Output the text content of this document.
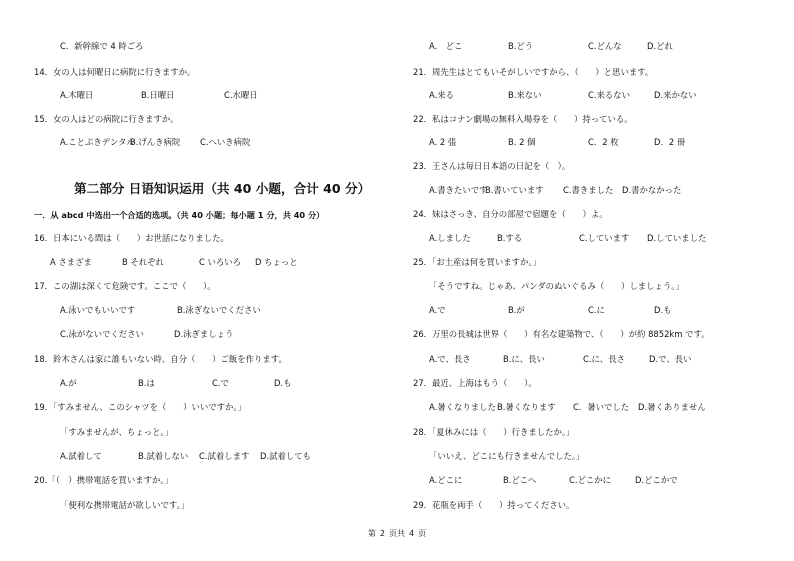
C．新幹線で 4 時ごろ
14．女の人は何曜日に病院に行きますか。
A.木曜日	B.日曜日	C.水曜日
15．女の人はどの病院に行きますか。
A.ことぶきデンタル
B.げんき病院 C.へいき病院
第二部分 日语知识运用（共 40 小题，合计 40 分）
一．从 abcd 中选出一个合适的选项。（共 40 小题；每小题 1 分，共 40 分）
16．日本にいる間は（　　）お世話になりました。
A さまざま	B それぞれ	C いろいろ D ちょっと
17．この湖は深くて危険です。ここで（　　）。
A.泳いでもいいです	B.泳ぎないでください
C.泳がないでください	D.泳ぎましょう
18．鈴木さんは家に誰もいない時、自分（　　）ご飯を作ります。
A.が	B.は	C.で	D.も
19．「すみません、このシャツを（　　）いいですか。」
「すみませんが、ちょっと。」
A.試着して	B.試着しない C.試着します D.試着しても
20.「（　）携帯電話を買いますか。」
「便利な携帯電話が欲しいです。」
A.　どこ	B.どう	C.どんな	D.どれ
21．周先生はとてもいそがしいですから、（　　）と思います。
A.来る	B.来ない	C.来るない	D.来かない
22．私はコナン劇場の無料入場券を（　　）持っている。
A. 2 張	B. 2 個	C．2 枚	D．2 冊
23．王さんは毎日日本語の日記を（　）。
A.書きたいです
B.書いています C.書きました D.書かなかった
24．妹はさっき、自分の部屋で宿題を（　　）よ。
A.しました	B.する	C.しています D.していました
25．「お土産は何を買いますか。」
「そうですね。じゃあ、パンダのぬいぐるみ（　　）しましょう。」
A.で	B.が	C.に	D.も
26．万里の長城は世界（　　）有名な建築物で、（　　）が約 8852km です。
A.で、長さ	B.に、長い	C.に、長さ	D.で、長い
27．最近、上海はもう（　　）。
A.暑くなりました B.暑くなります C．暑いでした D.暑くありません
28．「夏休みには（　　）行きましたか。」
「いいえ、どこにも行きませんでした。」
A.どこに	B.どこへ	C.どこかに	D.どこかで
29．花瓶を両手（　　）持ってください。
第 2 页共 4 页
